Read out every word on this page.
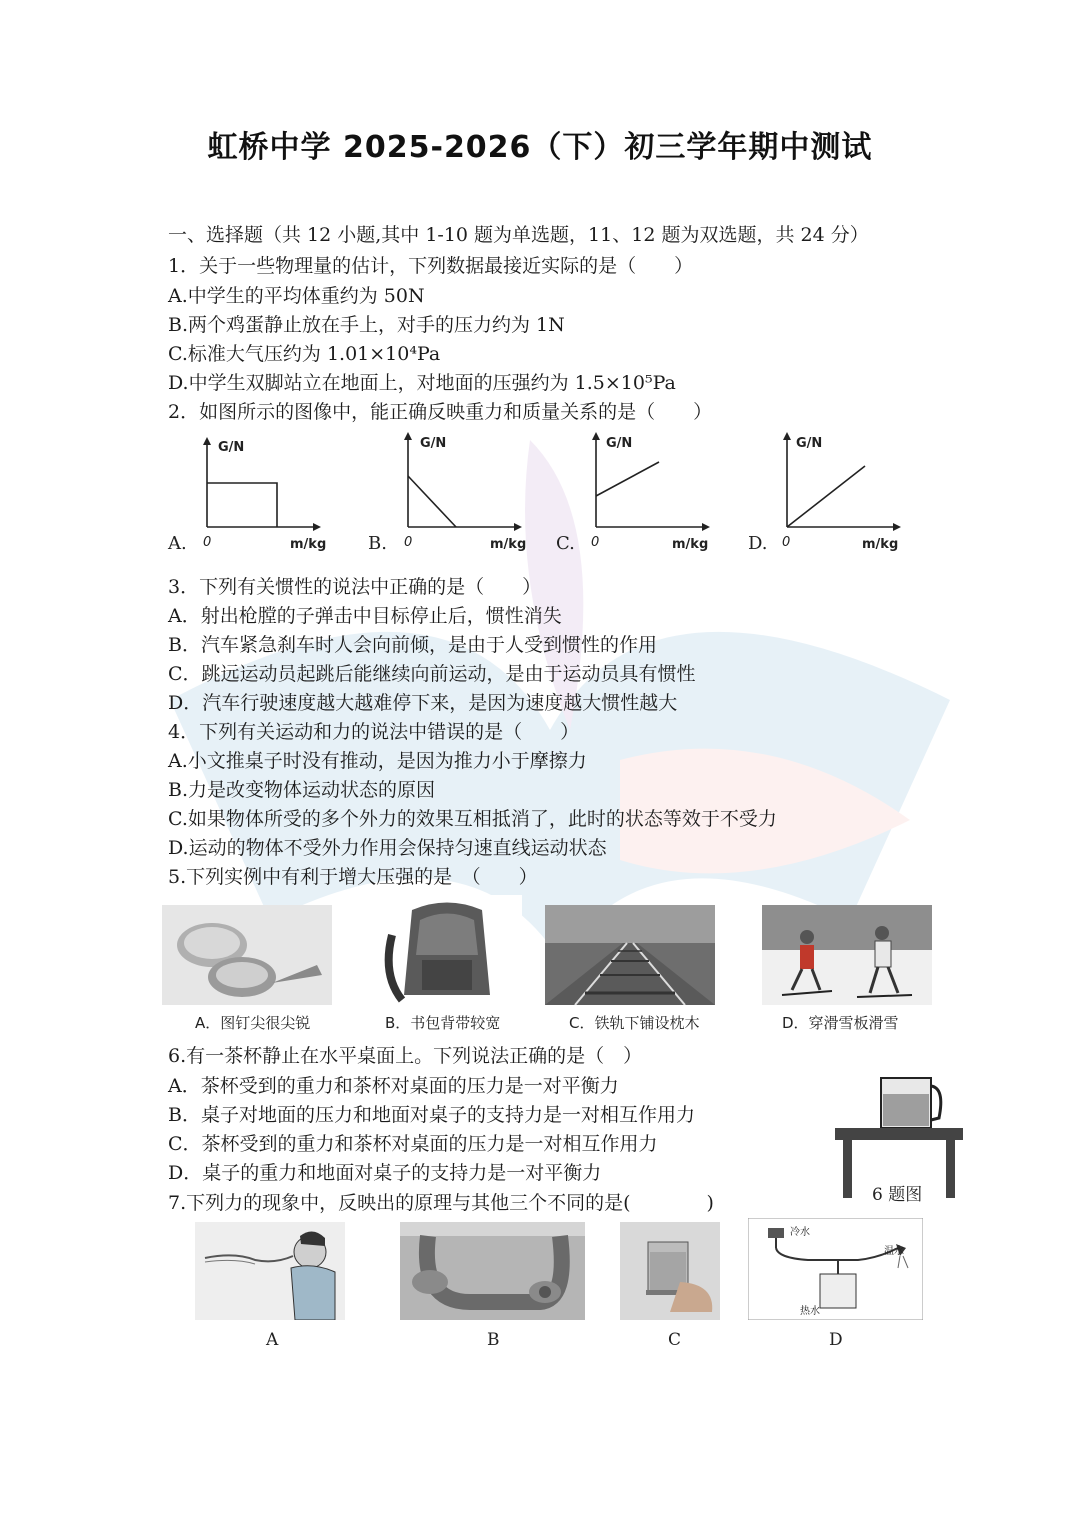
虹桥中学 2025-2026（下）初三学年期中测试
一、选择题（共 12 小题,其中 1-10 题为单选题，11、12 题为双选题，共 24 分）
1．关于一些物理量的估计，下列数据最接近实际的是（　　）
A.中学生的平均体重约为 50N
B.两个鸡蛋静止放在手上，对手的压力约为 1N
C.标准大气压约为 1.01×10⁴Pa
D.中学生双脚站立在地面上，对地面的压强约为 1.5×10⁵Pa
2．如图所示的图像中，能正确反映重力和质量关系的是（　　）
A.
G/N
m/kg
0	B.
G/N
m/kg
0	C.
G/N
m/kg
0	D.
G/N
m/kg
0
3．下列有关惯性的说法中正确的是（　　）
A．射出枪膛的子弹击中目标停止后，惯性消失
B．汽车紧急刹车时人会向前倾，是由于人受到惯性的作用
C．跳远运动员起跳后能继续向前运动，是由于运动员具有惯性
D．汽车行驶速度越大越难停下来，是因为速度越大惯性越大
4．下列有关运动和力的说法中错误的是（　　）
A.小文推桌子时没有推动，是因为推力小于摩擦力
B.力是改变物体运动状态的原因
C.如果物体所受的多个外力的效果互相抵消了，此时的状态等效于不受力
D.运动的物体不受外力作用会保持匀速直线运动状态
5.下列实例中有利于增大压强的是　（　　）
A．图钉尖很尖锐	B．书包背带较宽	C．铁轨下铺设枕木	D．穿滑雪板滑雪
6.有一茶杯静止在水平桌面上。下列说法正确的是（　）
A．茶杯受到的重力和茶杯对桌面的压力是一对平衡力
B．桌子对地面的压力和地面对桌子的支持力是一对相互作用力
C．茶杯受到的重力和茶杯对桌面的压力是一对相互作用力
D．桌子的重力和地面对桌子的支持力是一对平衡力
6 题图
7.下列力的现象中，反映出的原理与其他三个不同的是(　　　　)
冷水
温水
热水
A	B	C	D
